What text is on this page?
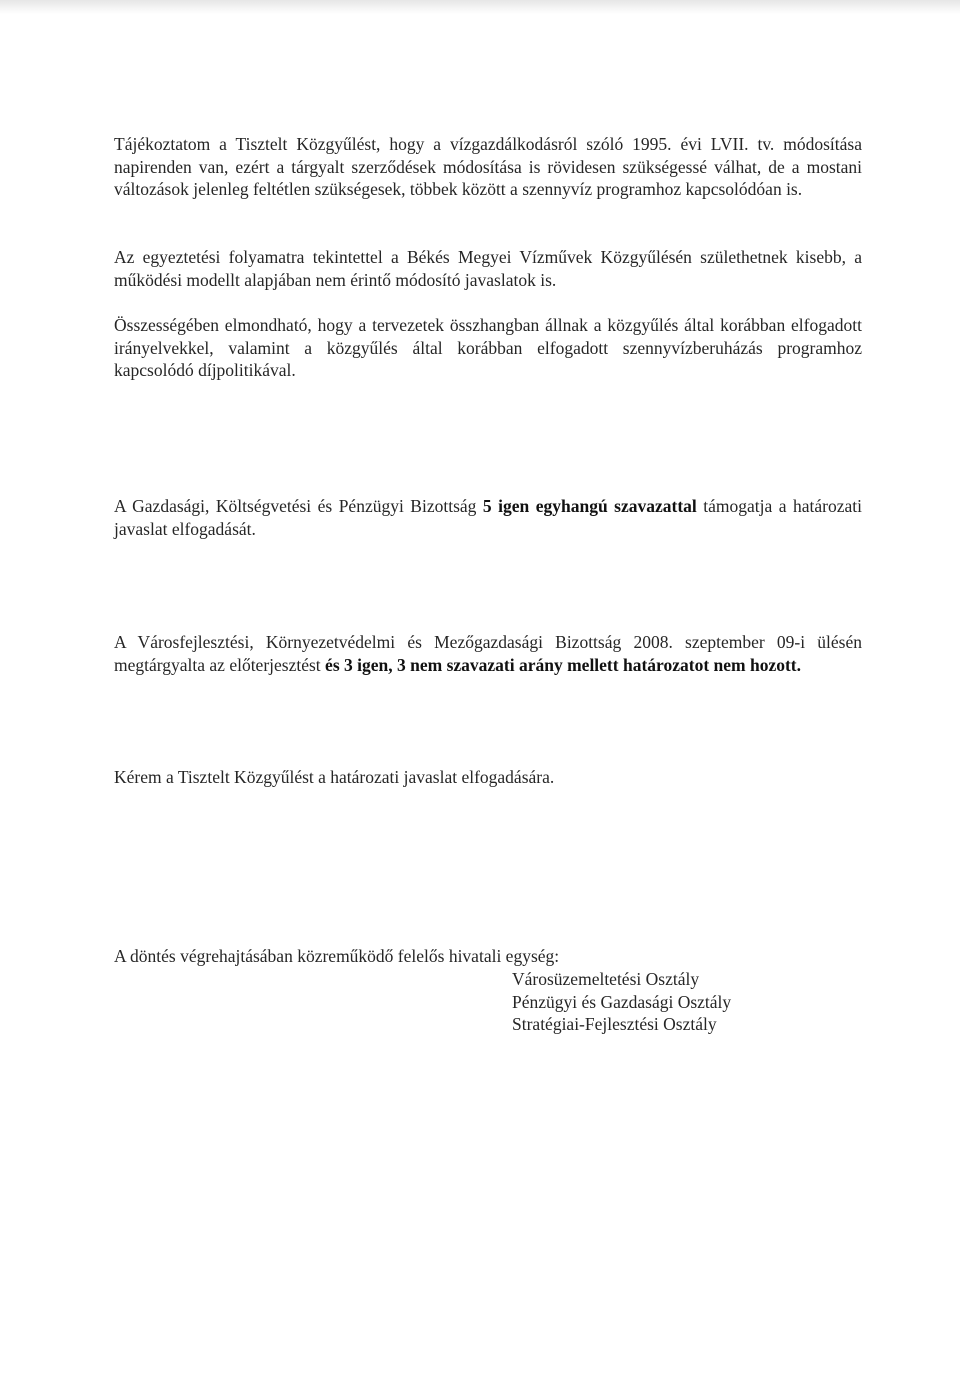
Tájékoztatom a Tisztelt Közgyűlést, hogy a vízgazdálkodásról szóló 1995. évi LVII. tv. módosítása napirenden van, ezért a tárgyalt szerződések módosítása is rövidesen szükségessé válhat, de a mostani változások jelenleg feltétlen szükségesek, többek között a szennyvíz programhoz kapcsolódóan is.

Az egyeztetési folyamatra tekintettel a Békés Megyei Vízművek Közgyűlésén születhetnek kisebb, a működési modellt alapjában nem érintő módosító javaslatok is.

Összességében elmondható, hogy a tervezetek összhangban állnak a közgyűlés által korábban elfogadott irányelvekkel, valamint a közgyűlés által korábban elfogadott szennyvízberuházás programhoz kapcsolódó díjpolitikával.

A Gazdasági, Költségvetési és Pénzügyi Bizottság 5 igen egyhangú szavazattal támogatja a határozati javaslat elfogadását.

A Városfejlesztési, Környezetvédelmi és Mezőgazdasági Bizottság 2008. szeptember 09-i ülésén megtárgyalta az előterjesztést és 3 igen, 3 nem szavazati arány mellett határozatot nem hozott.

Kérem a Tisztelt Közgyűlést a határozati javaslat elfogadására.

A döntés végrehajtásában közreműködő felelős hivatali egység:

Városüzemeltetési Osztály
Pénzügyi és Gazdasági Osztály
Stratégiai-Fejlesztési Osztály
